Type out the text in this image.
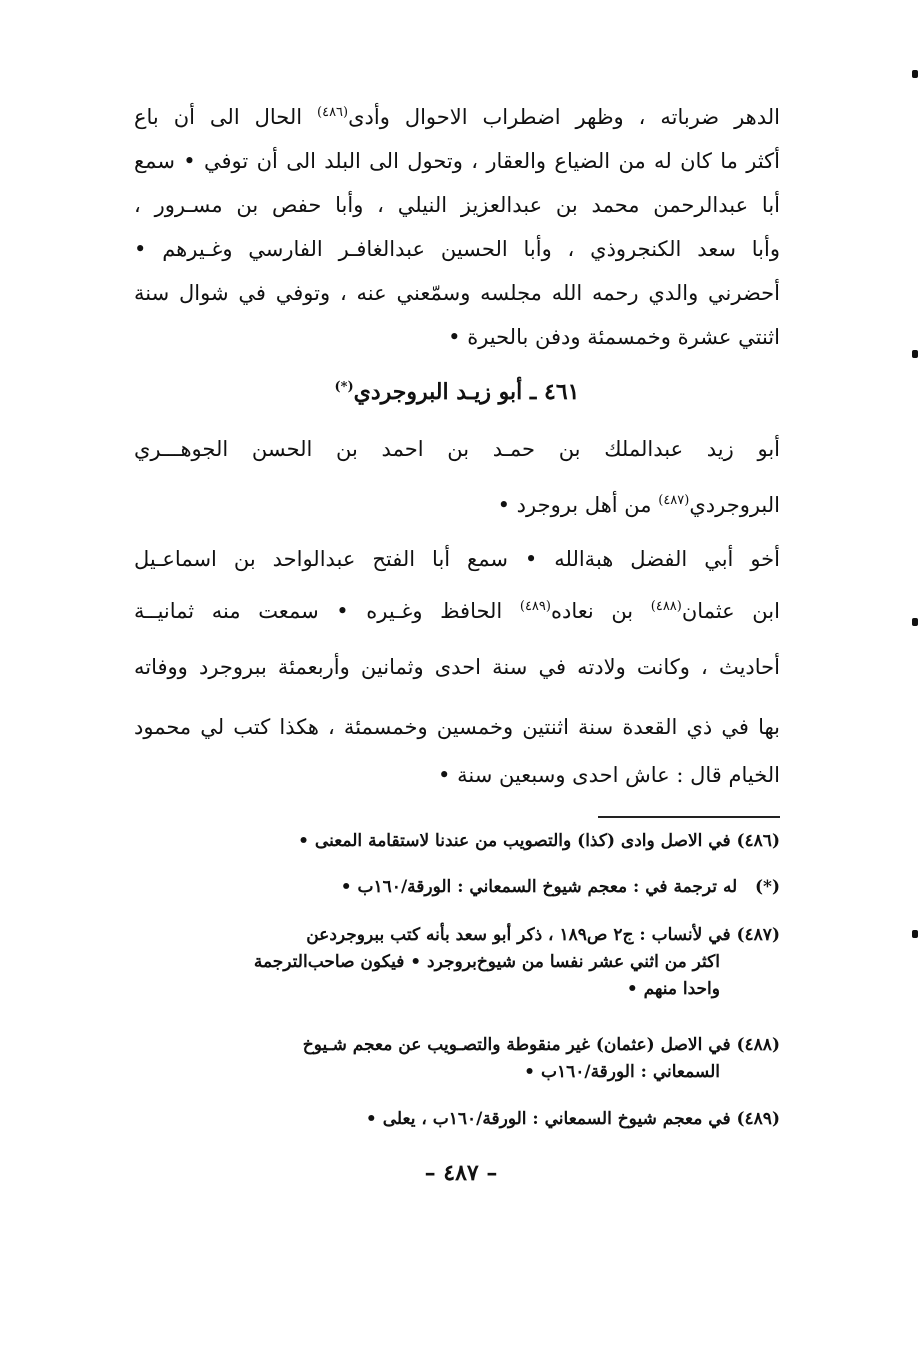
الدهر ضرباته ، وظهر اضطراب الاحوال وأدى$^{(٤٨٦)}$ الحال الى أن باع
أكثر ما كان له من الضياع والعقار ، وتحول الى البلد الى أن توفي • سمع
أبا عبدالرحمن محمد بن عبدالعزيز النيلي ، وأبا حفص بن مسـرور ،
وأبا سعد الكنجروذي ، وأبا الحسين عبدالغافـر الفارسي وغـيرهم •
أحضرني والدي رحمه الله مجلسه وسمّعني عنه ، وتوفي في شوال سنة
اثنتي عشرة وخمسمئة ودفن بالحيرة •
٤٦١ ـ أبو زيـد البروجردي(*)
أبو زيد عبدالملك بن حمـد بن احمد بن الحسن الجوهـــري
البروجردي$^{(٤٨٧)}$ من أهل بروجرد •
أخو أبي الفضل هبةالله • سمع أبا الفتح عبدالواحد بن اسماعـيل
ابن عثمان$^{(٤٨٨)}$ بن نعاده$^{(٤٨٩)}$ الحافظ وغـيره • سمعت منه ثمانيــة
أحاديث ، وكانت ولادته في سنة احدى وثمانين وأربعمئة ببروجرد ووفاته
بها في ذي القعدة سنة اثنتين وخمسين وخمسمئة ، هكذا كتب لي محمود
الخيام قال : عاش احدى وسبعين سنة •
(٤٨٦) في الاصل وادى (كذا) والتصويب من عندنا لاستقامة المعنى •
(*)   له ترجمة في : معجم شيوخ السمعاني : الورقة/١٦٠ب •
(٤٨٧) في لأنساب : ج٢ ص١٨٩ ، ذكر أبو سعد بأنه كتب ببروجردعن
اكثر من اثني عشر نفسا من شيوخ‌بروجرد • فيكون صاحب‌الترجمة
واحدا منهم •
(٤٨٨) في الاصل (عثمان) غير منقوطة والتصـويب عن معجم شـيوخ
السمعاني : الورقة/١٦٠ب •
(٤٨٩) في معجم شيوخ السمعاني : الورقة/١٦٠ب ، يعلى •
– ٤٨٧ –
